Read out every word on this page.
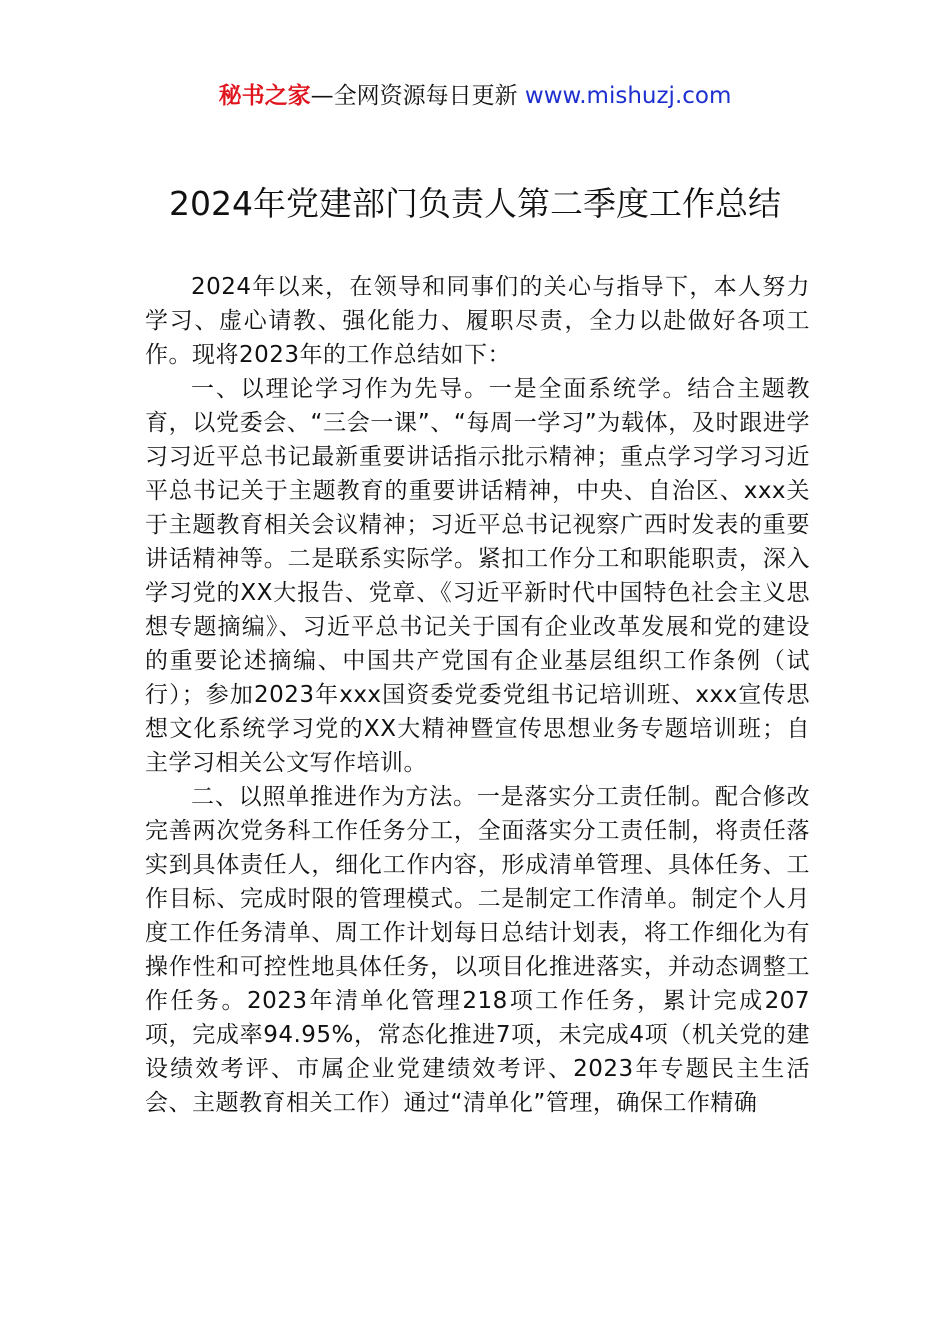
秘书之家—全网资源每日更新 www.mishuzj.com
2024年党建部门负责人第二季度工作总结

2024年以来，在领导和同事们的关心与指导下，本人努力学习、虚心请教、强化能力、履职尽责，全力以赴做好各项工作。现将2023年的工作总结如下：

一、以理论学习作为先导。一是全面系统学。结合主题教育，以党委会、“三会一课”、“每周一学习”为载体，及时跟进学习习近平总书记最新重要讲话指示批示精神；重点学习学习习近平总书记关于主题教育的重要讲话精神，中央、自治区、xxx关于主题教育相关会议精神；习近平总书记视察广西时发表的重要讲话精神等。二是联系实际学。紧扣工作分工和职能职责，深入学习党的XX大报告、党章、《习近平新时代中国特色社会主义思想专题摘编》、习近平总书记关于国有企业改革发展和党的建设的重要论述摘编、中国共产党国有企业基层组织工作条例（试行）；参加2023年xxx国资委党委党组书记培训班、xxx宣传思想文化系统学习党的XX大精神暨宣传思想业务专题培训班；自主学习相关公文写作培训。

二、以照单推进作为方法。一是落实分工责任制。配合修改完善两次党务科工作任务分工，全面落实分工责任制，将责任落实到具体责任人，细化工作内容，形成清单管理、具体任务、工作目标、完成时限的管理模式。二是制定工作清单。制定个人月度工作任务清单、周工作计划每日总结计划表，将工作细化为有操作性和可控性地具体任务，以项目化推进落实，并动态调整工作任务。2023年清单化管理218项工作任务，累计完成207项，完成率94.95%，常态化推进7项，未完成4项（机关党的建设绩效考评、市属企业党建绩效考评、2023年专题民主生活会、主题教育相关工作）通过“清单化”管理，确保工作精确
